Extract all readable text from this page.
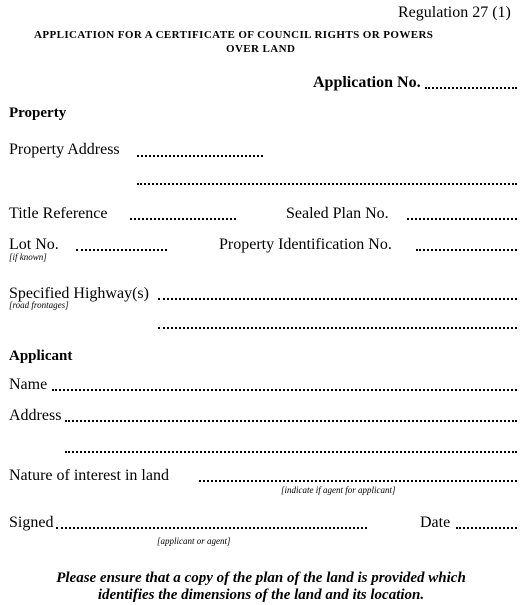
Regulation 27 (1)
APPLICATION FOR A CERTIFICATE OF COUNCIL RIGHTS OR POWERS
OVER LAND
Application No.
Property
Property Address
Title Reference	Sealed Plan No.
Lot No.
[if known]
Property Identification No.
Specified Highway(s)
[road frontages]
Applicant
Name
Address
Nature of interest in land
[indicate if agent for applicant]
Signed
[applicant or agent]
Date
Please ensure that a copy of the plan of the land is provided which
identifies the dimensions of the land and its location.
